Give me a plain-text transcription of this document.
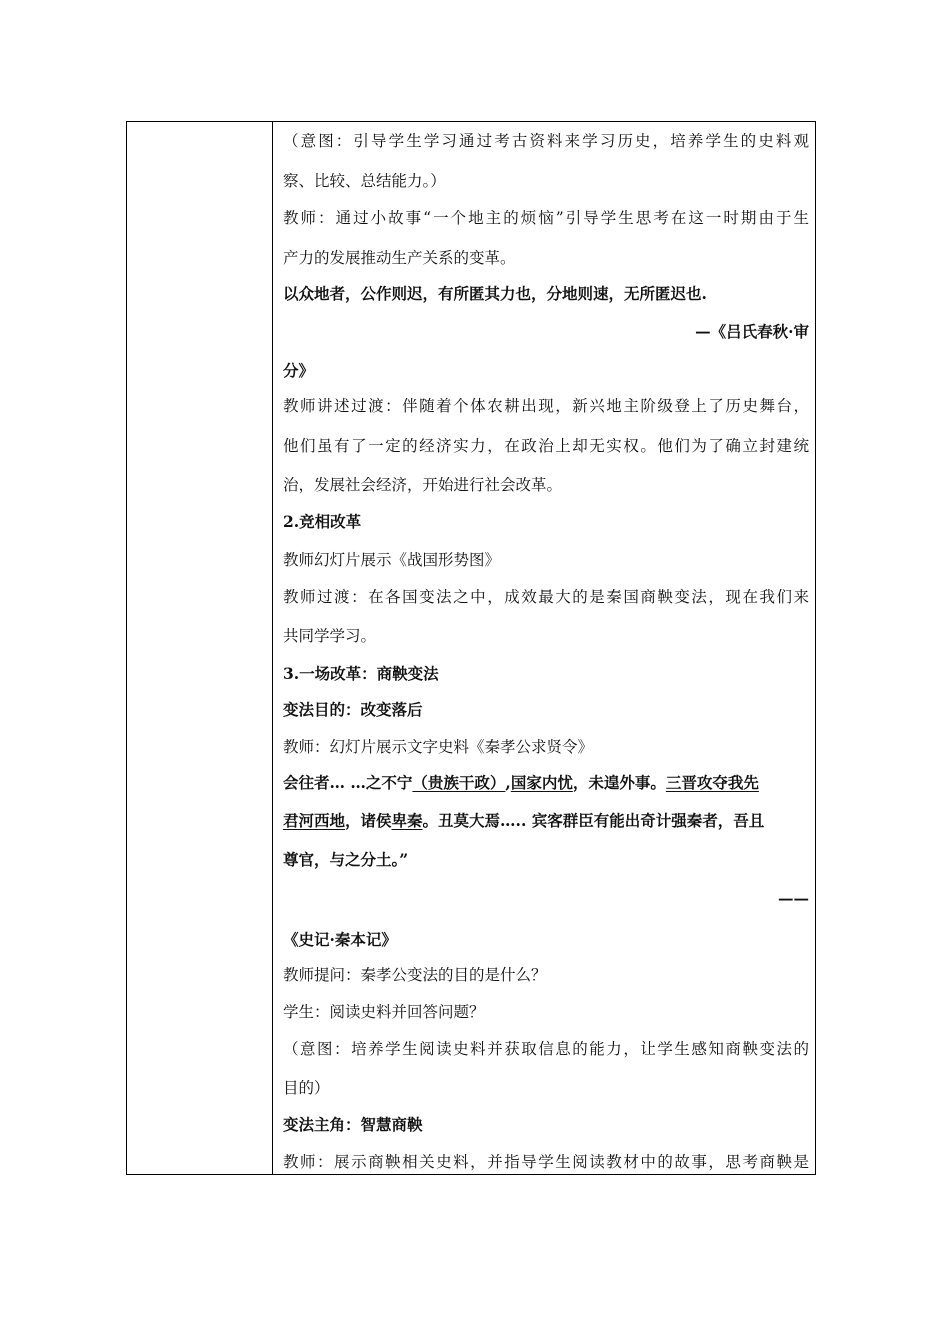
（意图：引导学生学习通过考古资料来学习历史，培养学生的史料观
察、比较、总结能力。）
教师：通过小故事“一个地主的烦恼”引导学生思考在这一时期由于生
产力的发展推动生产关系的变革。
以众地者，公作则迟，有所匿其力也，分地则速，无所匿迟也.
—《吕氏春秋·审
分》
教师讲述过渡：伴随着个体农耕出现，新兴地主阶级登上了历史舞台，
他们虽有了一定的经济实力，在政治上却无实权。他们为了确立封建统
治，发展社会经济，开始进行社会改革。
2.竞相改革
教师幻灯片展示《战国形势图》
教师过渡：在各国变法之中，成效最大的是秦国商鞅变法，现在我们来
共同学学习。
3.一场改革：商鞅变法
变法目的：改变落后
教师：幻灯片展示文字史料《秦孝公求贤令》
会往者… …之不宁（贵族干政）,国家内忧，未遑外事。三晋攻夺我先
君河西地，诸侯卑秦。丑莫大焉….. 宾客群臣有能出奇计强秦者，吾且
尊官，与之分土。”
——
《史记·秦本记》
教师提问：秦孝公变法的目的是什么？
学生：阅读史料并回答问题？
（意图：培养学生阅读史料并获取信息的能力，让学生感知商鞅变法的
目的）
变法主角：智慧商鞅
教师：展示商鞅相关史料，并指导学生阅读教材中的故事，思考商鞅是
